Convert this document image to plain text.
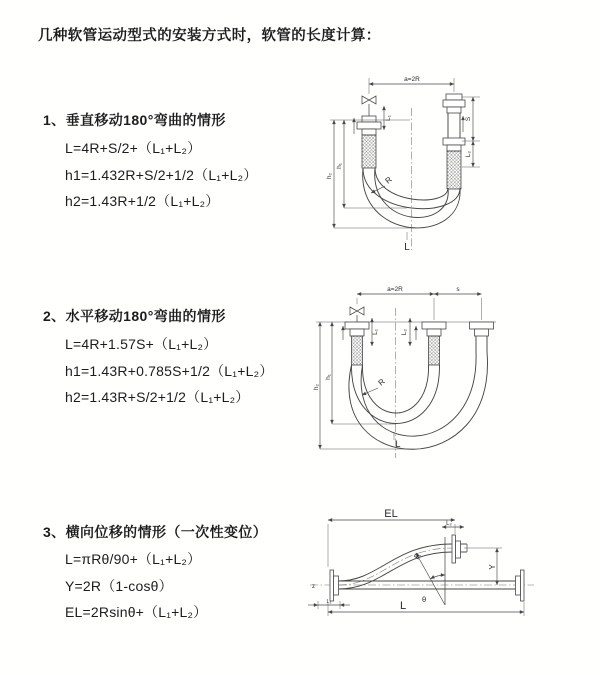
几种软管运动型式的安装方式时，软管的长度计算：
1、垂直移动180°弯曲的情形
L=4R+S/2+（L₁+L₂）
h1=1.432R+S/2+1/2（L₁+L₂）
h2=1.43R+1/2（L₁+L₂）
2、水平移动180°弯曲的情形
L=4R+1.57S+（L₁+L₂）
h1=1.43R+0.785S+1/2（L₁+L₂）
h2=1.43R+S/2+1/2（L₁+L₂）
3、横向位移的情形（一次性变位）
L=πRθ/90+（L₁+L₂）
Y=2R（1-cosθ）
EL=2Rsinθ+（L₁+L₂）
a=2R
h₁
h₂
L₁	S
L₂
R
L
a=2R	s
h₁
h₂
L₁	L₂
R
L
z
EL
L₂
Y
L
L₁	θ
R
